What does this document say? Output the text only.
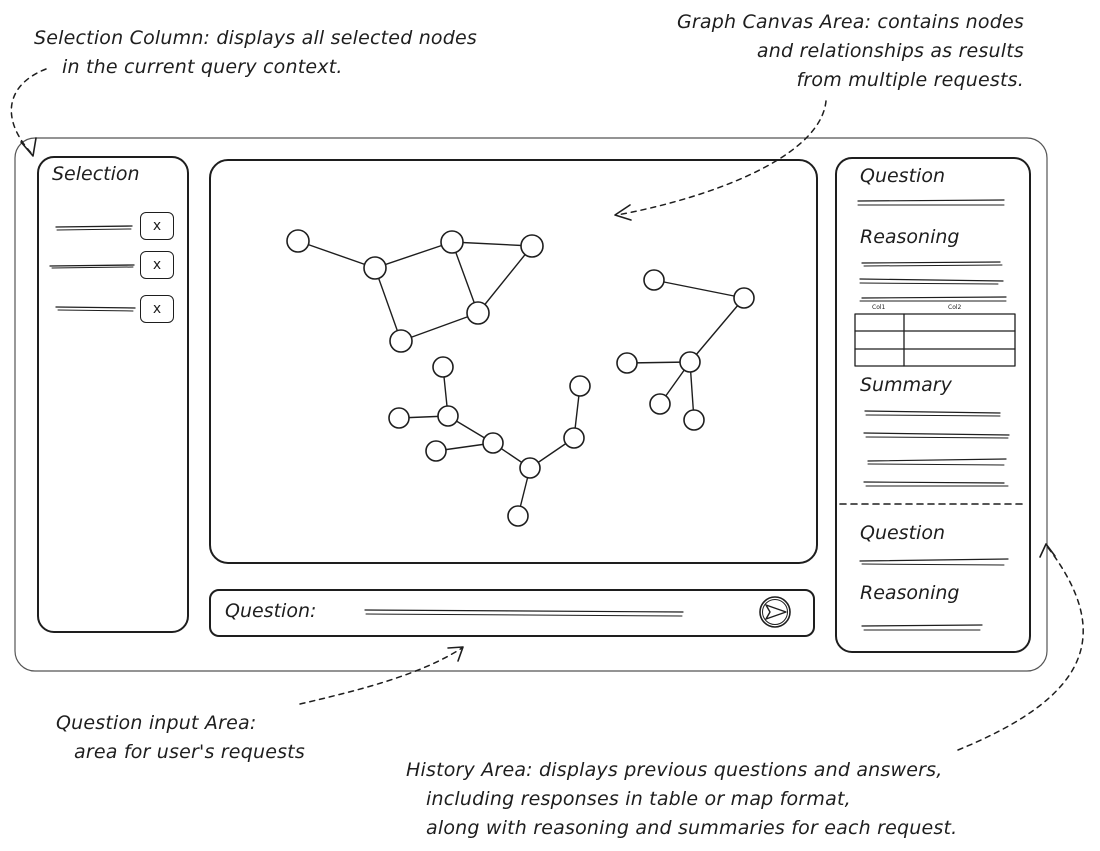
Selection Column: displays all selected nodes
in the current query context.
Graph Canvas Area: contains nodes
and relationships as results
from multiple requests.
Question input Area:
area for user's requests
History Area: displays previous questions and answers,
including responses in table or map format,
along with reasoning and summaries for each request.
Selection
x
x
x
Question:
Question
Reasoning
Col1	Col2
Summary
Question
Reasoning
